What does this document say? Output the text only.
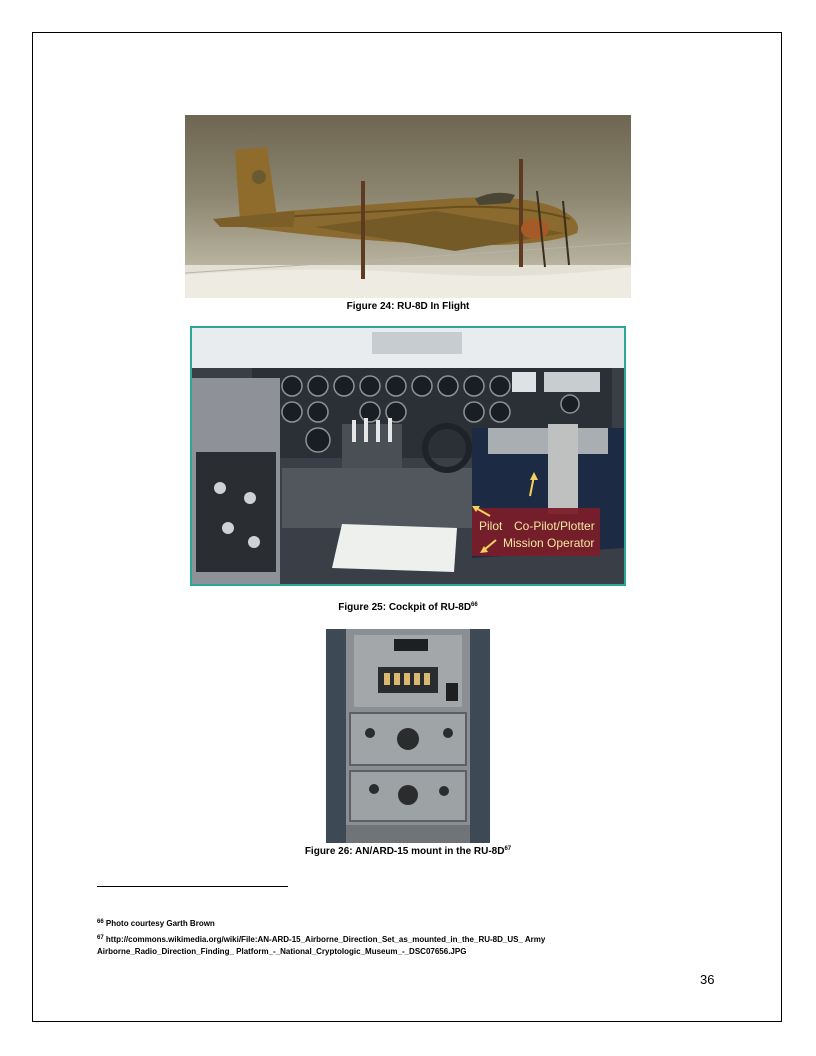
Figure 24: RU-8D In Flight
Pilot Co-Pilot/Plotter
Mission Operator
Figure 25: Cockpit of $RU-8D^{66}$
Figure 26: AN/ARD-15 mount in the $RU-8D^{67}$
$^{66}$ Photo courtesy Garth Brown
$^{67}$ http://commons.wikimedia.org/wiki/File:AN-ARD-15_Airborne_Direction_Set_as_mounted_in_the_RU-8D_US_ Army
Airborne_Radio_Direction_Finding_ Platform_-_National_Cryptologic_Museum_-_DSC07656.JPG
36
